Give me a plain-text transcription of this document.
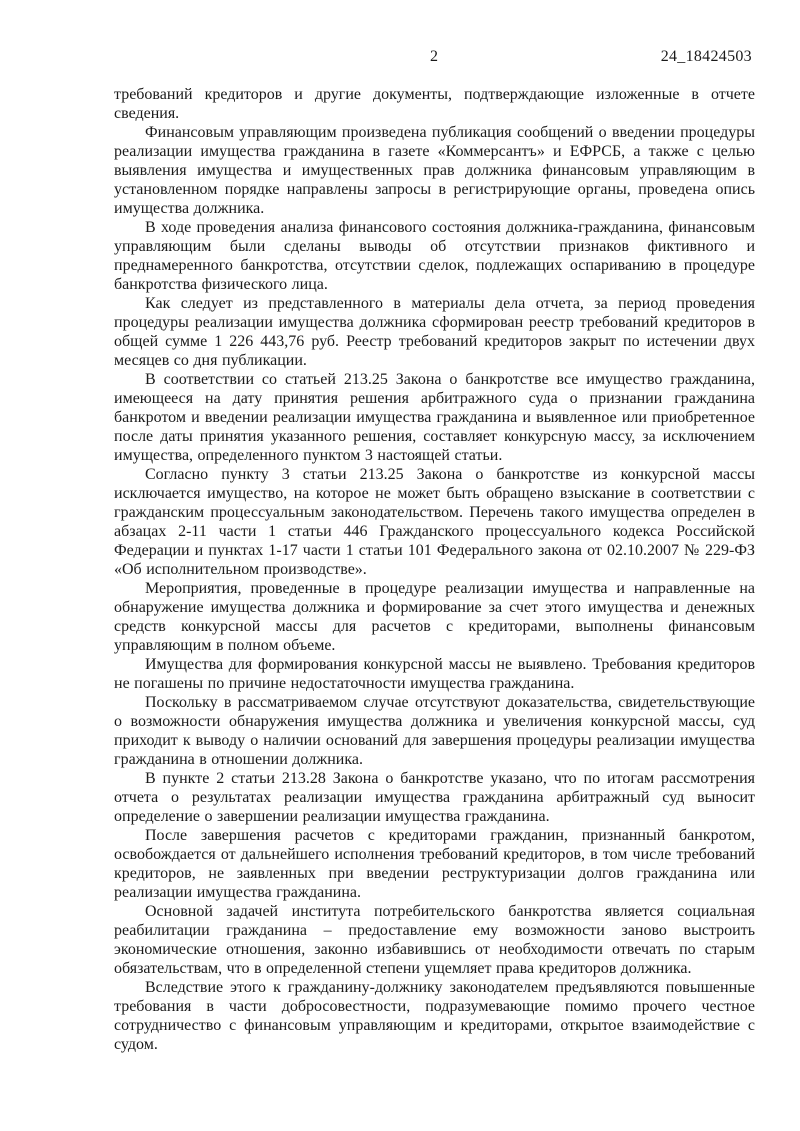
2	24_18424503

требований кредиторов и другие документы, подтверждающие изложенные в отчете сведения.

Финансовым управляющим произведена публикация сообщений о введении процедуры реализации имущества гражданина в газете «Коммерсантъ» и ЕФРСБ, а также с целью выявления имущества и имущественных прав должника финансовым управляющим в установленном порядке направлены запросы в регистрирующие органы, проведена опись имущества должника.

В ходе проведения анализа финансового состояния должника-гражданина, финансовым управляющим были сделаны выводы об отсутствии признаков фиктивного и преднамеренного банкротства, отсутствии сделок, подлежащих оспариванию в процедуре банкротства физического лица.

Как следует из представленного в материалы дела отчета, за период проведения процедуры реализации имущества должника сформирован реестр требований кредиторов в общей сумме 1 226 443,76 руб. Реестр требований кредиторов закрыт по истечении двух месяцев со дня публикации.

В соответствии со статьей 213.25 Закона о банкротстве все имущество гражданина, имеющееся на дату принятия решения арбитражного суда о признании гражданина банкротом и введении реализации имущества гражданина и выявленное или приобретенное после даты принятия указанного решения, составляет конкурсную массу, за исключением имущества, определенного пунктом 3 настоящей статьи.

Согласно пункту 3 статьи 213.25 Закона о банкротстве из конкурсной массы исключается имущество, на которое не может быть обращено взыскание в соответствии с гражданским процессуальным законодательством. Перечень такого имущества определен в абзацах 2-11 части 1 статьи 446 Гражданского процессуального кодекса Российской Федерации и пунктах 1-17 части 1 статьи 101 Федерального закона от 02.10.2007 № 229-ФЗ «Об исполнительном производстве».

Мероприятия, проведенные в процедуре реализации имущества и направленные на обнаружение имущества должника и формирование за счет этого имущества и денежных средств конкурсной массы для расчетов с кредиторами, выполнены финансовым управляющим в полном объеме.

Имущества для формирования конкурсной массы не выявлено. Требования кредиторов не погашены по причине недостаточности имущества гражданина.

Поскольку в рассматриваемом случае отсутствуют доказательства, свидетельствующие о возможности обнаружения имущества должника и увеличения конкурсной массы, суд приходит к выводу о наличии оснований для завершения процедуры реализации имущества гражданина в отношении должника.

В пункте 2 статьи 213.28 Закона о банкротстве указано, что по итогам рассмотрения отчета о результатах реализации имущества гражданина арбитражный суд выносит определение о завершении реализации имущества гражданина.

После завершения расчетов с кредиторами гражданин, признанный банкротом, освобождается от дальнейшего исполнения требований кредиторов, в том числе требований кредиторов, не заявленных при введении реструктуризации долгов гражданина или реализации имущества гражданина.

Основной задачей института потребительского банкротства является социальная реабилитации гражданина – предоставление ему возможности заново выстроить экономические отношения, законно избавившись от необходимости отвечать по старым обязательствам, что в определенной степени ущемляет права кредиторов должника.

Вследствие этого к гражданину-должнику законодателем предъявляются повышенные требования в части добросовестности, подразумевающие помимо прочего честное сотрудничество с финансовым управляющим и кредиторами, открытое взаимодействие с судом.
